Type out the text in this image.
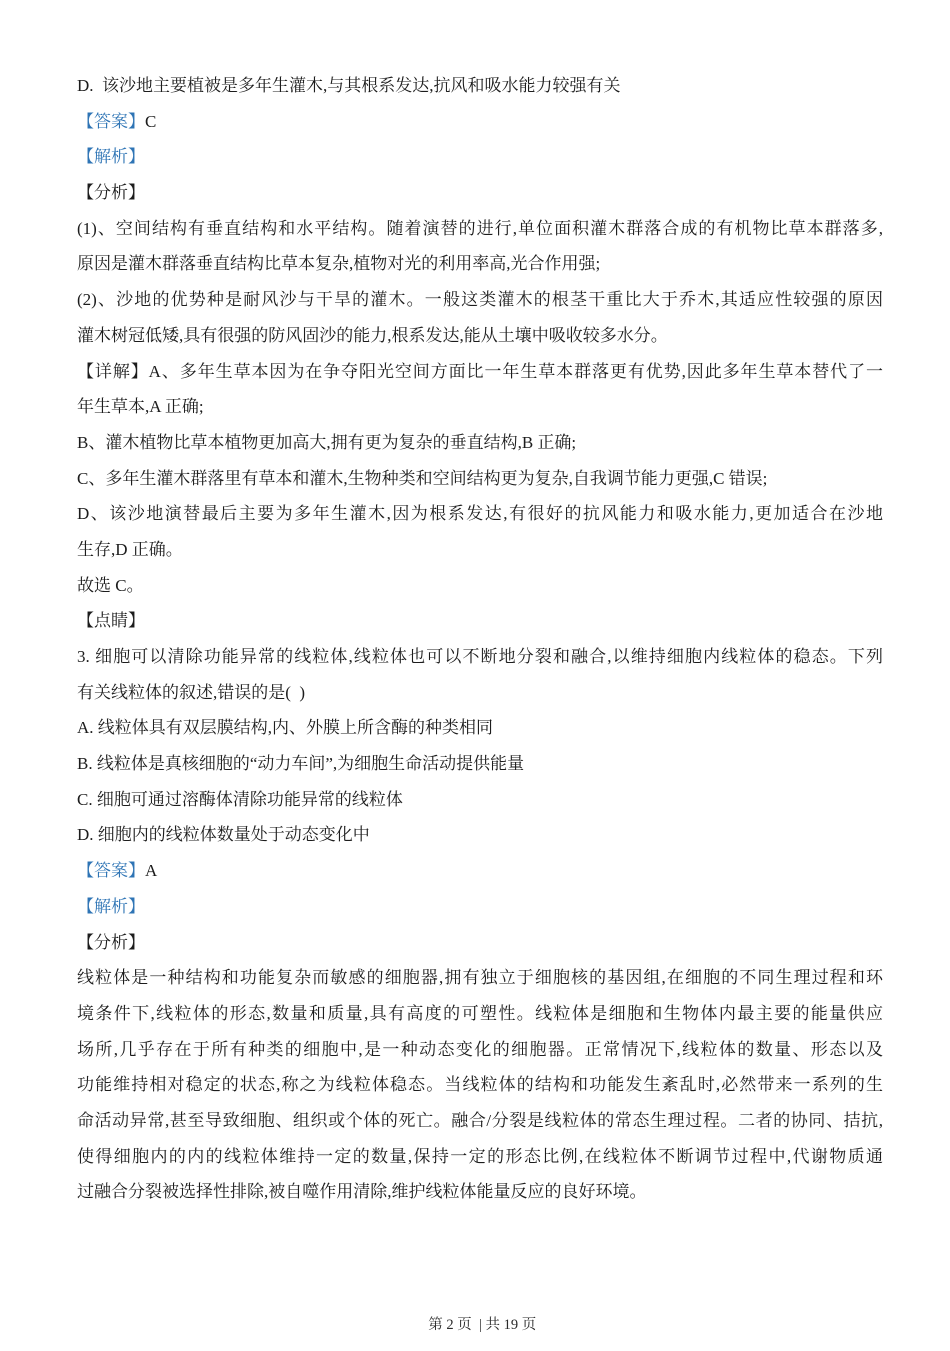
D.  该沙地主要植被是多年生灌木,与其根系发达,抗风和吸水能力较强有关
【答案】C
【解析】
【分析】
(1)、空间结构有垂直结构和水平结构。随着演替的进行,单位面积灌木群落合成的有机物比草本群落多,
原因是灌木群落垂直结构比草本复杂,植物对光的利用率高,光合作用强;
(2)、沙地的优势种是耐风沙与干旱的灌木。一般这类灌木的根茎干重比大于乔木,其适应性较强的原因
灌木树冠低矮,具有很强的防风固沙的能力,根系发达,能从土壤中吸收较多水分。
【详解】A、多年生草本因为在争夺阳光空间方面比一年生草本群落更有优势,因此多年生草本替代了一
年生草本,A 正确;
B、灌木植物比草本植物更加高大,拥有更为复杂的垂直结构,B 正确;
C、多年生灌木群落里有草本和灌木,生物种类和空间结构更为复杂,自我调节能力更强,C 错误;
D、该沙地演替最后主要为多年生灌木,因为根系发达,有很好的抗风能力和吸水能力,更加适合在沙地
生存,D 正确。
故选 C。
【点睛】
3. 细胞可以清除功能异常的线粒体,线粒体也可以不断地分裂和融合,以维持细胞内线粒体的稳态。下列
有关线粒体的叙述,错误的是(  )
A. 线粒体具有双层膜结构,内、外膜上所含酶的种类相同
B. 线粒体是真核细胞的“动力车间”,为细胞生命活动提供能量
C. 细胞可通过溶酶体清除功能异常的线粒体
D. 细胞内的线粒体数量处于动态变化中
【答案】A
【解析】
【分析】
线粒体是一种结构和功能复杂而敏感的细胞器,拥有独立于细胞核的基因组,在细胞的不同生理过程和环
境条件下,线粒体的形态,数量和质量,具有高度的可塑性。线粒体是细胞和生物体内最主要的能量供应
场所,几乎存在于所有种类的细胞中,是一种动态变化的细胞器。正常情况下,线粒体的数量、形态以及
功能维持相对稳定的状态,称之为线粒体稳态。当线粒体的结构和功能发生紊乱时,必然带来一系列的生
命活动异常,甚至导致细胞、组织或个体的死亡。融合/分裂是线粒体的常态生理过程。二者的协同、拮抗,
使得细胞内的内的线粒体维持一定的数量,保持一定的形态比例,在线粒体不断调节过程中,代谢物质通
过融合分裂被选择性排除,被自噬作用清除,维护线粒体能量反应的良好环境。

第 2 页  | 共 19 页
